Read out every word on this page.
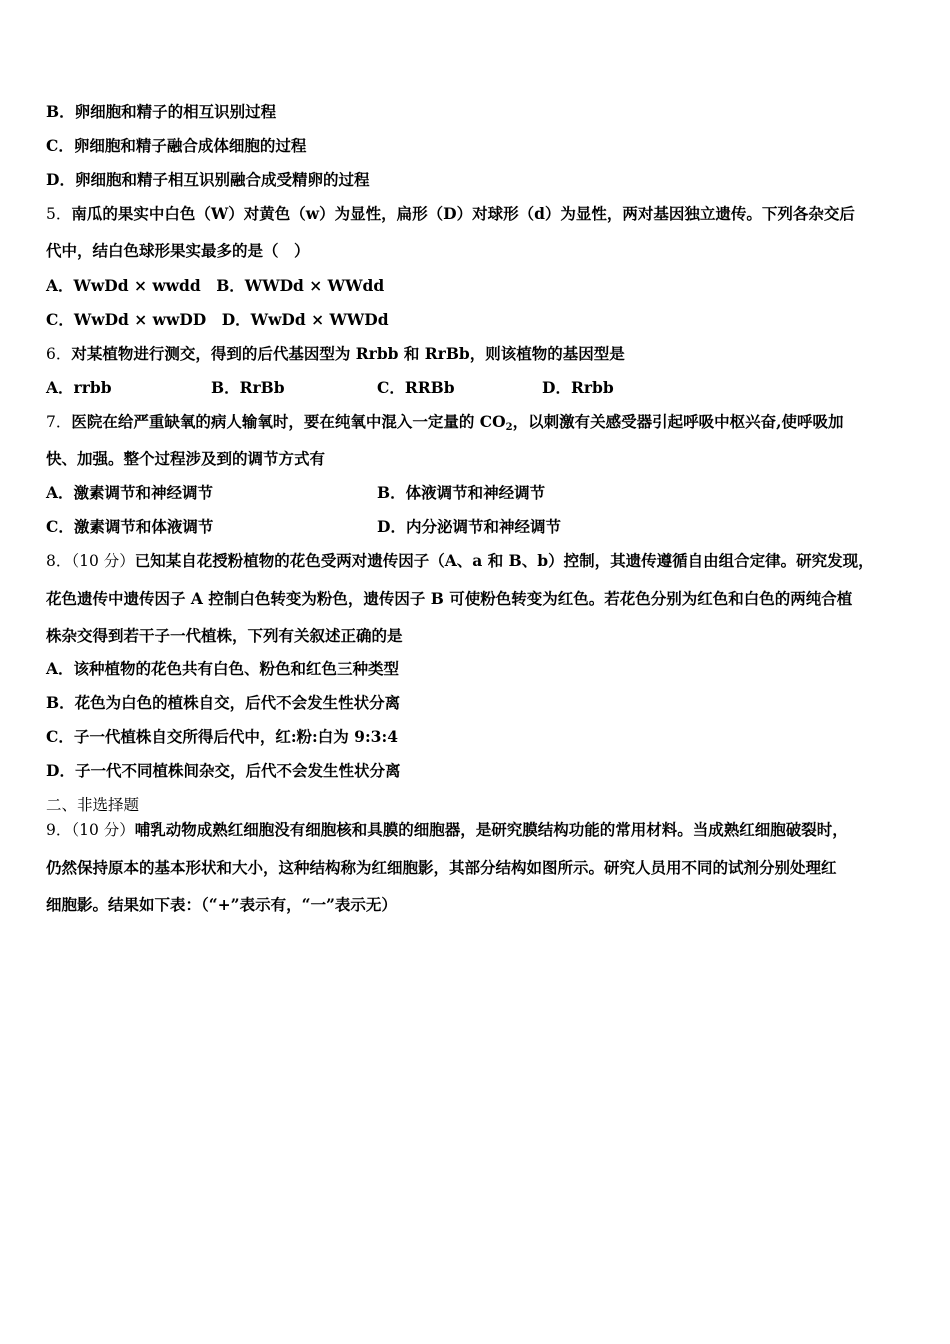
B．卵细胞和精子的相互识别过程
C．卵细胞和精子融合成体细胞的过程
D．卵细胞和精子相互识别融合成受精卵的过程
5．南瓜的果实中白色（W）对黄色（w）为显性，扁形（D）对球形（d）为显性，两对基因独立遗传。下列各杂交后
代中，结白色球形果实最多的是（　）
A．WwDd × wwdd　B．WWDd × WWdd
C．WwDd × wwDD　D．WwDd × WWDd
6．对某植物进行测交，得到的后代基因型为 Rrbb 和 RrBb，则该植物的基因型是
A．rrbb	B．RrBb	C．RRBb	D．Rrbb
7．医院在给严重缺氧的病人输氧时，要在纯氧中混入一定量的 $CO_2$，以刺激有关感受器引起呼吸中枢兴奋,使呼吸加
快、加强。整个过程涉及到的调节方式有
A．激素调节和神经调节	B．体液调节和神经调节
C．激素调节和体液调节	D．内分泌调节和神经调节
8．（10 分）已知某自花授粉植物的花色受两对遗传因子（A、a 和 B、b）控制，其遗传遵循自由组合定律。研究发现，
花色遗传中遗传因子 A 控制白色转变为粉色，遗传因子 B 可使粉色转变为红色。若花色分别为红色和白色的两纯合植
株杂交得到若干子一代植株，下列有关叙述正确的是
A．该种植物的花色共有白色、粉色和红色三种类型
B．花色为白色的植株自交，后代不会发生性状分离
C．子一代植株自交所得后代中，红:粉:白为 9:3:4
D．子一代不同植株间杂交，后代不会发生性状分离
二、非选择题
9．（10 分）哺乳动物成熟红细胞没有细胞核和具膜的细胞器，是研究膜结构功能的常用材料。当成熟红细胞破裂时，
仍然保持原本的基本形状和大小，这种结构称为红细胞影，其部分结构如图所示。研究人员用不同的试剂分别处理红
细胞影。结果如下表：（“+”表示有，“一”表示无）
